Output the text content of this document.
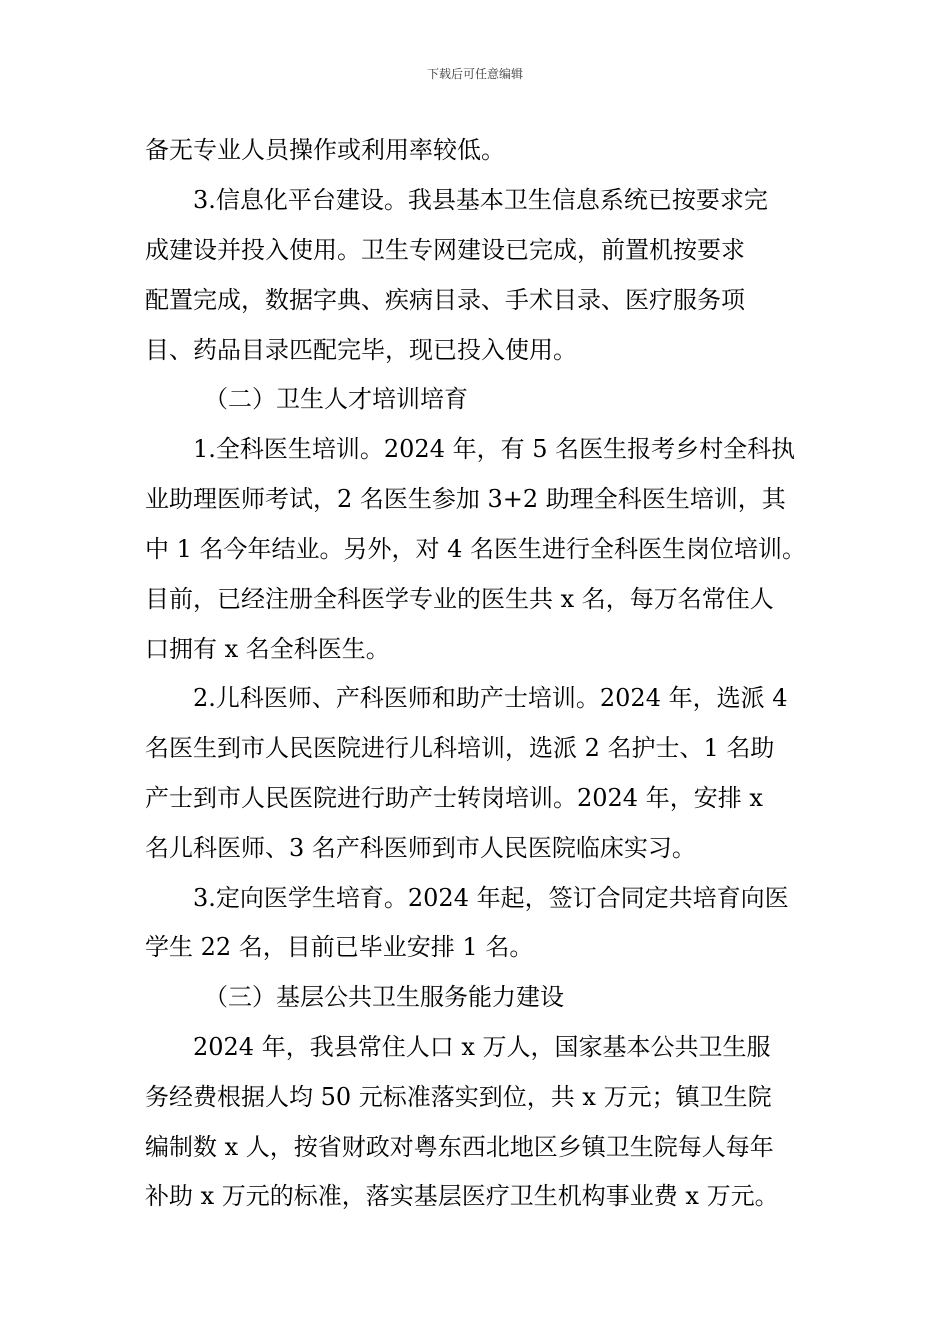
下载后可任意编辑
备无专业人员操作或利用率较低。
3.信息化平台建设。我县基本卫生信息系统已按要求完
成建设并投入使用。卫生专网建设已完成，前置机按要求
配置完成，数据字典、疾病目录、手术目录、医疗服务项
目、药品目录匹配完毕，现已投入使用。
（二）卫生人才培训培育
1.全科医生培训。2024 年，有 5 名医生报考乡村全科执
业助理医师考试，2 名医生参加 3+2 助理全科医生培训，其
中 1 名今年结业。另外，对 4 名医生进行全科医生岗位培训。
目前，已经注册全科医学专业的医生共 x 名，每万名常住人
口拥有 x 名全科医生。
2.儿科医师、产科医师和助产士培训。2024 年，选派 4
名医生到市人民医院进行儿科培训，选派 2 名护士、1 名助
产士到市人民医院进行助产士转岗培训。2024 年，安排 x
名儿科医师、3 名产科医师到市人民医院临床实习。
3.定向医学生培育。2024 年起，签订合同定共培育向医
学生 22 名，目前已毕业安排 1 名。
（三）基层公共卫生服务能力建设
2024 年，我县常住人口 x 万人，国家基本公共卫生服
务经费根据人均 50 元标准落实到位，共 x 万元；镇卫生院
编制数 x 人，按省财政对粤东西北地区乡镇卫生院每人每年
补助 x 万元的标准，落实基层医疗卫生机构事业费 x 万元。
